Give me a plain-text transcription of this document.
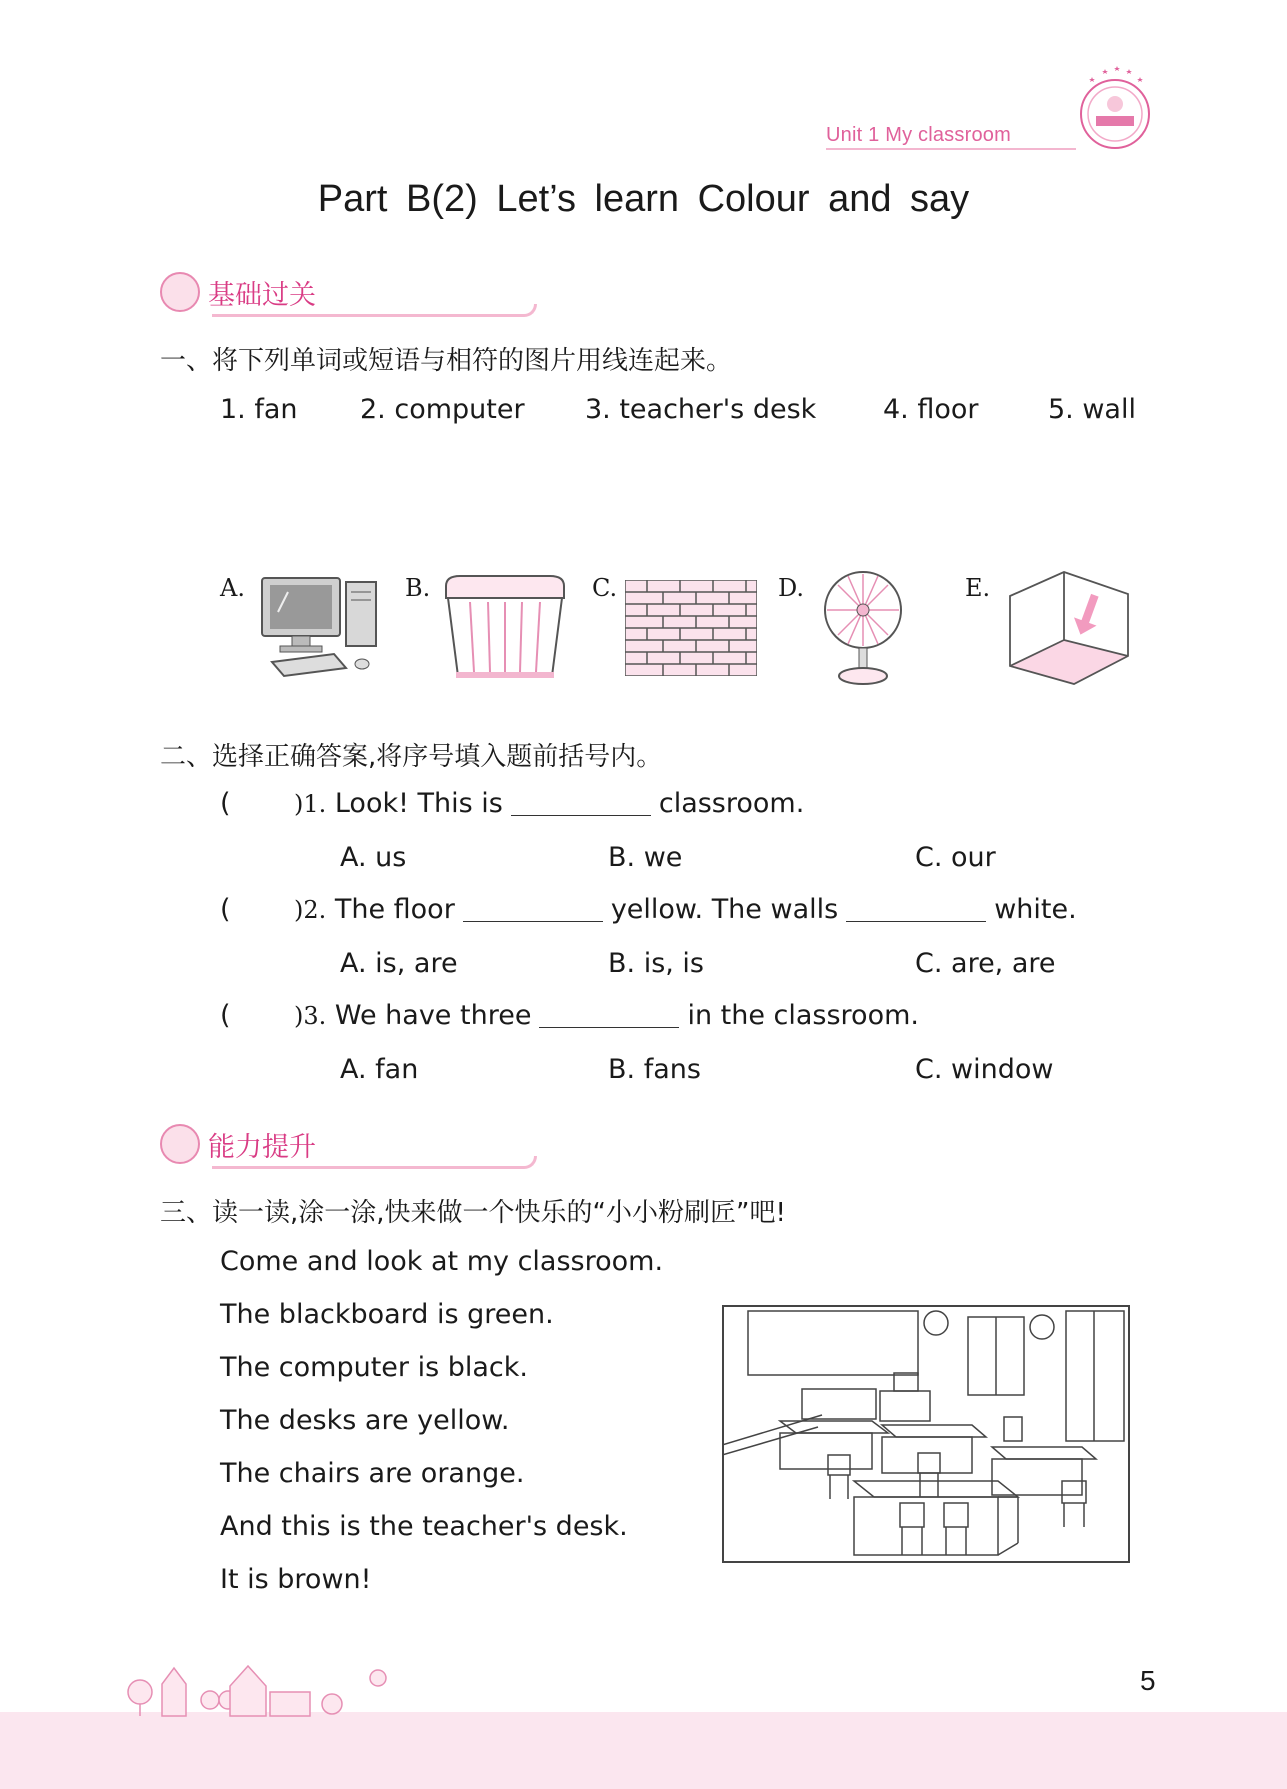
Unit 1 My classroom
Part B(2) Let’s learn Colour and say
基础过关
一、将下列单词或短语与相符的图片用线连起来。
1. fan 2. computer 3. teacher's desk 4. floor	5. wall
A.	B.	C.	D.	E.
二、选择正确答案,将序号填入题前括号内。
(	)1. Look! This is	classroom.
A. us	B. we	C. our
(	)2. The floor	yellow. The walls	white.
A. is, are	B. is, is	C. are, are
(	)3. We have three	in the classroom.
A. fan	B. fans	C. window
能力提升
三、读一读,涂一涂,快来做一个快乐的“小小粉刷匠”吧!
Come and look at my classroom.
The blackboard is green.
The computer is black.
The desks are yellow.
The chairs are orange.
And this is the teacher's desk.
It is brown!
5
